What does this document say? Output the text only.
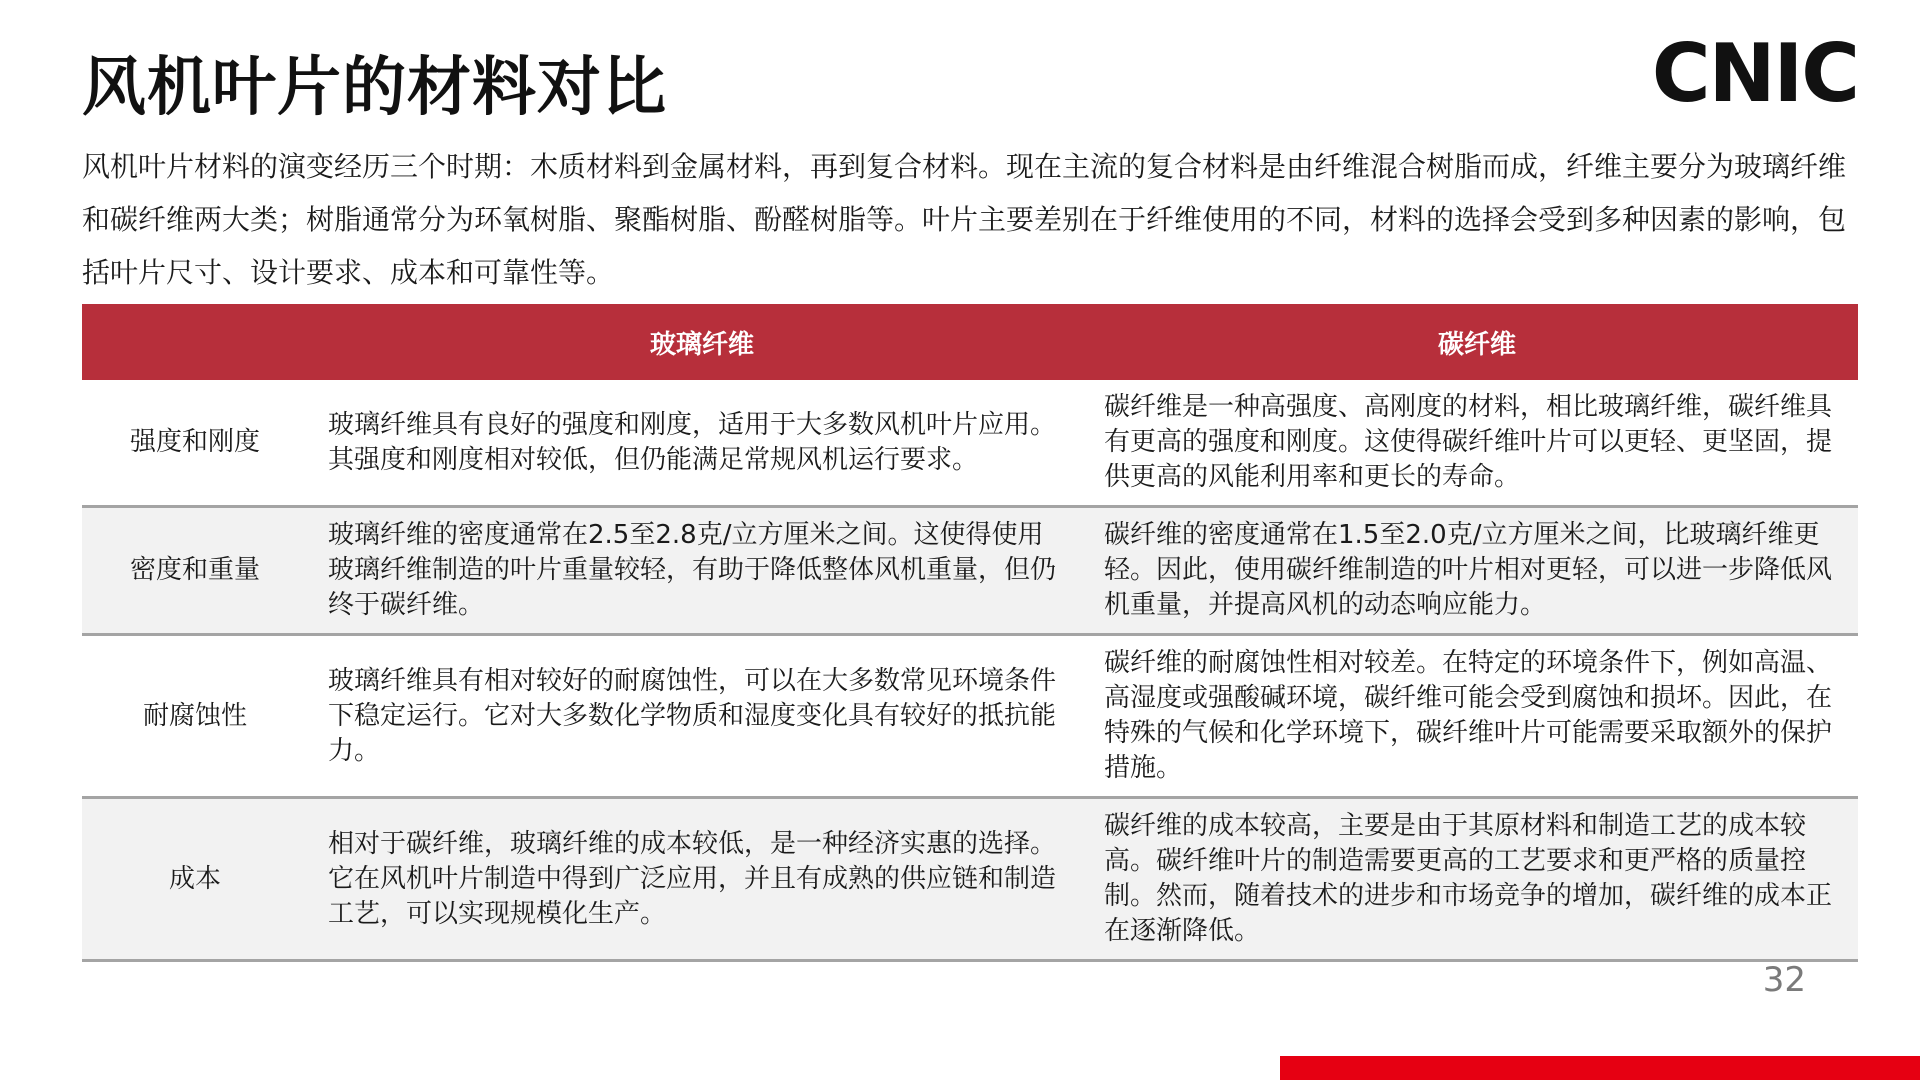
风机叶片的材料对比	CNIC

风机叶片材料的演变经历三个时期：木质材料到金属材料，再到复合材料。现在主流的复合材料是由纤维混合树脂而成，纤维主要分为玻璃纤维和碳纤维两大类；树脂通常分为环氧树脂、聚酯树脂、酚醛树脂等。叶片主要差别在于纤维使用的不同，材料的选择会受到多种因素的影响，包括叶片尺寸、设计要求、成本和可靠性等。

	玻璃纤维	碳纤维
强度和刚度	玻璃纤维具有良好的强度和刚度，适用于大多数风机叶片应用。其强度和刚度相对较低，但仍能满足常规风机运行要求。	碳纤维是一种高强度、高刚度的材料，相比玻璃纤维，碳纤维具有更高的强度和刚度。这使得碳纤维叶片可以更轻、更坚固，提供更高的风能利用率和更长的寿命。
密度和重量	玻璃纤维的密度通常在2.5至2.8克/立方厘米之间。这使得使用玻璃纤维制造的叶片重量较轻，有助于降低整体风机重量，但仍终于碳纤维。	碳纤维的密度通常在1.5至2.0克/立方厘米之间，比玻璃纤维更轻。因此，使用碳纤维制造的叶片相对更轻，可以进一步降低风机重量，并提高风机的动态响应能力。
耐腐蚀性	玻璃纤维具有相对较好的耐腐蚀性，可以在大多数常见环境条件下稳定运行。它对大多数化学物质和湿度变化具有较好的抵抗能力。	碳纤维的耐腐蚀性相对较差。在特定的环境条件下，例如高温、高湿度或强酸碱环境，碳纤维可能会受到腐蚀和损坏。因此，在特殊的气候和化学环境下，碳纤维叶片可能需要采取额外的保护措施。
成本	相对于碳纤维，玻璃纤维的成本较低，是一种经济实惠的选择。它在风机叶片制造中得到广泛应用，并且有成熟的供应链和制造工艺，可以实现规模化生产。	碳纤维的成本较高，主要是由于其原材料和制造工艺的成本较高。碳纤维叶片的制造需要更高的工艺要求和更严格的质量控制。然而，随着技术的进步和市场竞争的增加，碳纤维的成本正在逐渐降低。
32
